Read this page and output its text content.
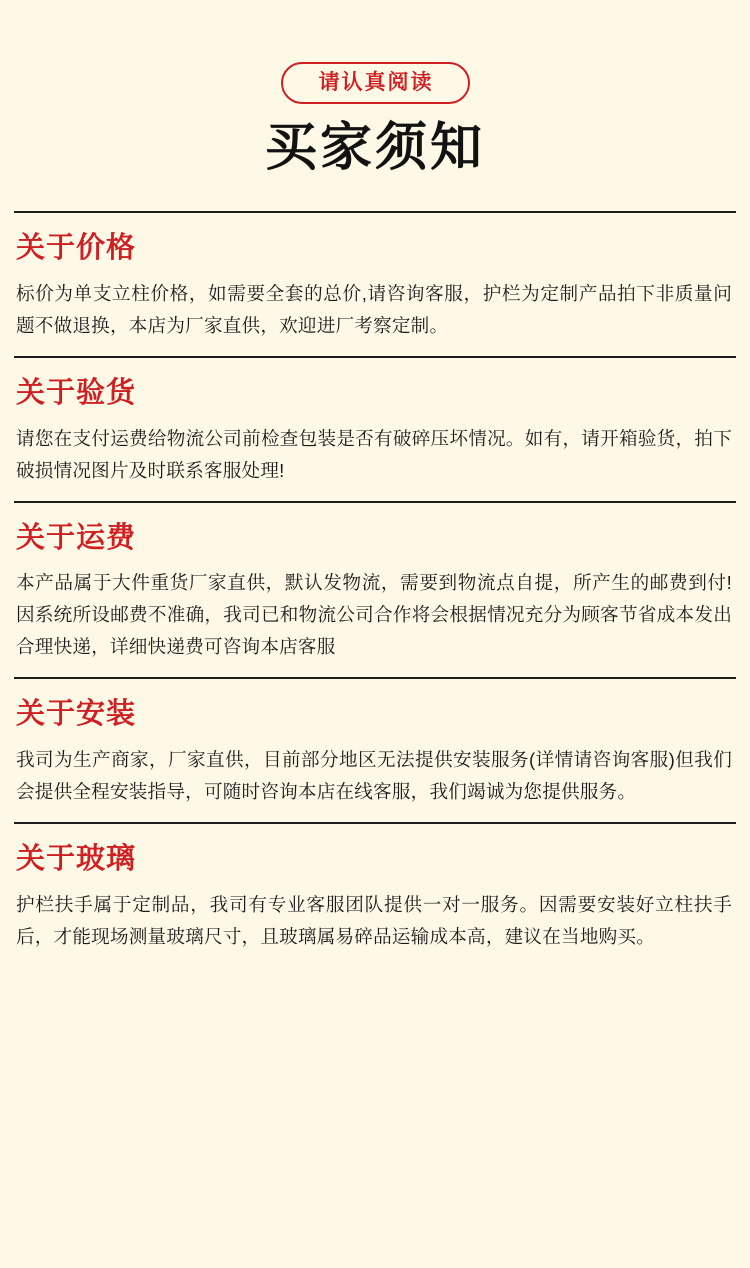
请认真阅读
买家须知
关于价格

标价为单支立柱价格，如需要全套的总价,请咨询客服，护栏为定制产品拍下非质量问题不做退换，本店为厂家直供，欢迎进厂考察定制。

关于验货

请您在支付运费给物流公司前检查包装是否有破碎压坏情况。如有，请开箱验货，拍下破损情况图片及时联系客服处理!

关于运费

本产品属于大件重货厂家直供，默认发物流，需要到物流点自提，所产生的邮费到付!因系统所设邮费不准确，我司已和物流公司合作将会根据情况充分为顾客节省成本发出合理快递，详细快递费可咨询本店客服

关于安装

我司为生产商家，厂家直供，目前部分地区无法提供安装服务(详情请咨询客服)但我们会提供全程安装指导，可随时咨询本店在线客服，我们竭诚为您提供服务。

关于玻璃

护栏扶手属于定制品，我司有专业客服团队提供一对一服务。因需要安装好立柱扶手后，才能现场测量玻璃尺寸，且玻璃属易碎品运输成本高，建议在当地购买。
